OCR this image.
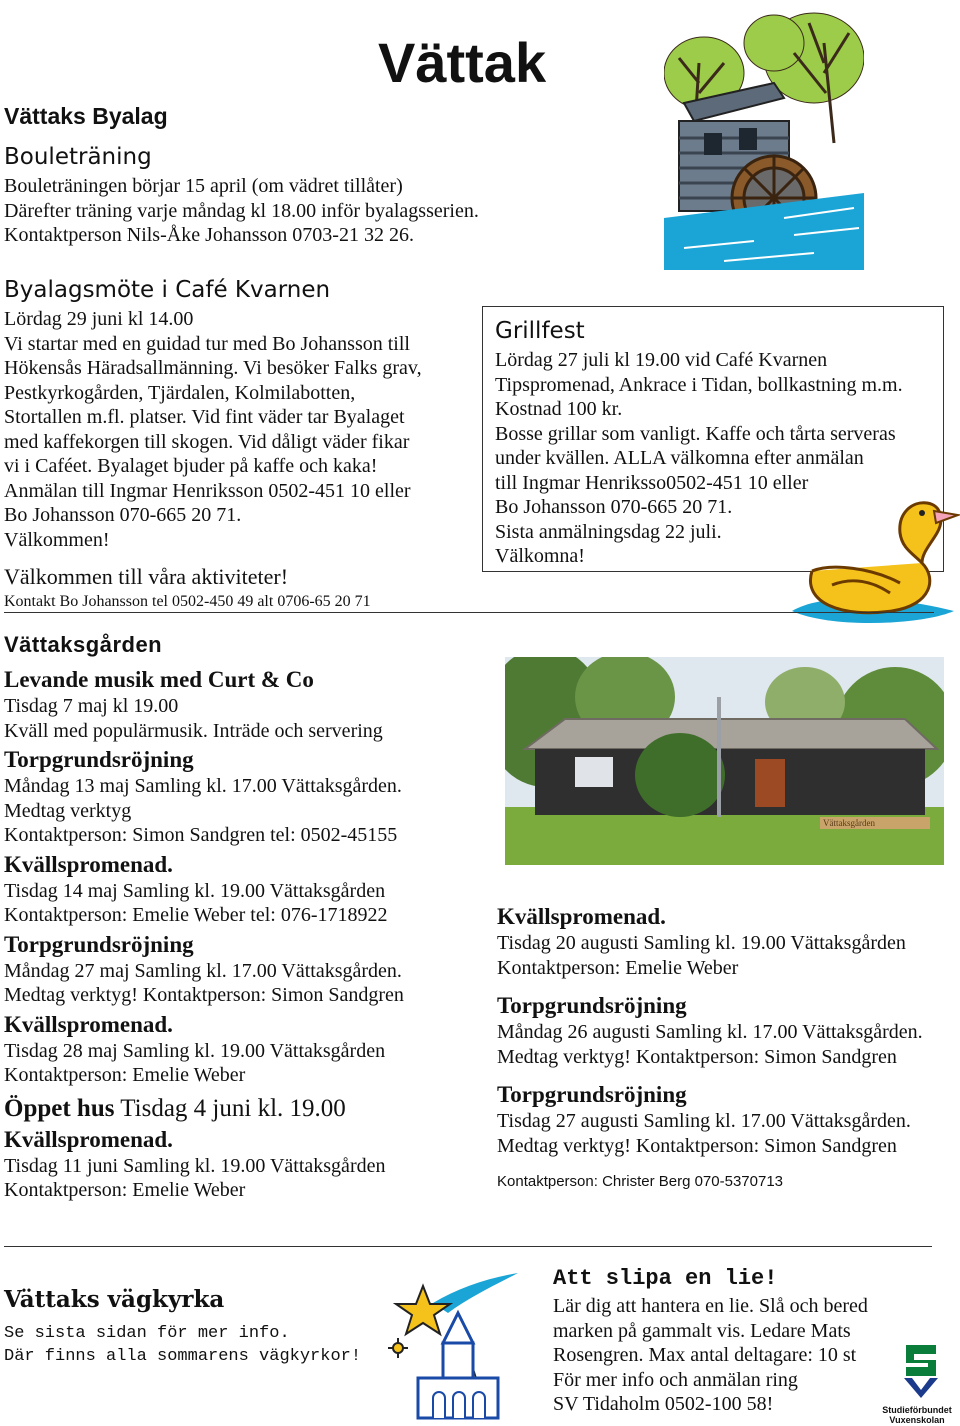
Vättak
Vättaks Byalag
Bouleträning
Bouleträningen börjar 15 april (om vädret tillåter)
Därefter träning varje måndag kl 18.00 inför byalagsserien.
Kontaktperson Nils-Åke Johansson 0703-21 32 26.
Byalagsmöte i Café Kvarnen
Lördag 29 juni kl 14.00
Vi startar med en guidad tur med Bo Johansson till
Hökensås Häradsallmänning. Vi besöker Falks grav,
Pestkyrkogården, Tjärdalen, Kolmilabotten,
Stortallen m.fl. platser. Vid fint väder tar Byalaget
med kaffekorgen till skogen. Vid dåligt väder fikar
vi i Caféet. Byalaget bjuder på kaffe och kaka!
Anmälan till Ingmar Henriksson 0502-451 10 eller
Bo Johansson 070-665 20 71.
Välkommen!
Välkommen till våra aktiviteter!
Kontakt Bo Johansson tel 0502-450 49 alt 0706-65 20 71
Grillfest
Lördag 27 juli kl 19.00 vid Café Kvarnen
Tipspromenad, Ankrace i Tidan, bollkastning m.m.
Kostnad 100 kr.
Bosse grillar som vanligt. Kaffe och tårta serveras
under kvällen. ALLA välkomna efter anmälan
till Ingmar Henriksso0502-451 10 eller
Bo Johansson 070-665 20 71.
Sista anmälningsdag 22 juli.
Välkomna!
Vättaksgården
Vättaksgården
Levande musik med Curt & Co
Tisdag 7 maj kl 19.00
Kväll med populärmusik. Inträde och servering
Torpgrundsröjning
Måndag 13 maj Samling kl. 17.00 Vättaksgården.
Medtag verktyg
Kontaktperson: Simon Sandgren tel: 0502-45155
Kvällspromenad.
Tisdag 14 maj Samling kl. 19.00 Vättaksgården
Kontaktperson: Emelie Weber tel: 076-1718922
Torpgrundsröjning
Måndag 27 maj Samling kl. 17.00 Vättaksgården.
Medtag verktyg! Kontaktperson: Simon Sandgren
Kvällspromenad.
Tisdag 28 maj Samling kl. 19.00 Vättaksgården
Kontaktperson: Emelie Weber
Öppet hus Tisdag 4 juni kl. 19.00
Kvällspromenad.
Tisdag 11 juni Samling kl. 19.00 Vättaksgården
Kontaktperson: Emelie Weber
Kvällspromenad.
Tisdag 20 augusti Samling kl. 19.00 Vättaksgården
Kontaktperson: Emelie Weber
Torpgrundsröjning
Måndag 26 augusti Samling kl. 17.00 Vättaksgården.
Medtag verktyg! Kontaktperson: Simon Sandgren
Torpgrundsröjning
Tisdag 27 augusti Samling kl. 17.00 Vättaksgården.
Medtag verktyg! Kontaktperson: Simon Sandgren
Kontaktperson: Christer Berg 070-5370713
Vättaks vägkyrka
Se sista sidan för mer info.
Där finns alla sommarens vägkyrkor!
Att slipa en lie!
Lär dig att hantera en lie. Slå och bered
marken på gammalt vis. Ledare Mats
Rosengren. Max antal deltagare: 10 st
För mer info och anmälan ring
SV Tidaholm 0502-100 58!	Studieförbundet
Vuxenskolan
